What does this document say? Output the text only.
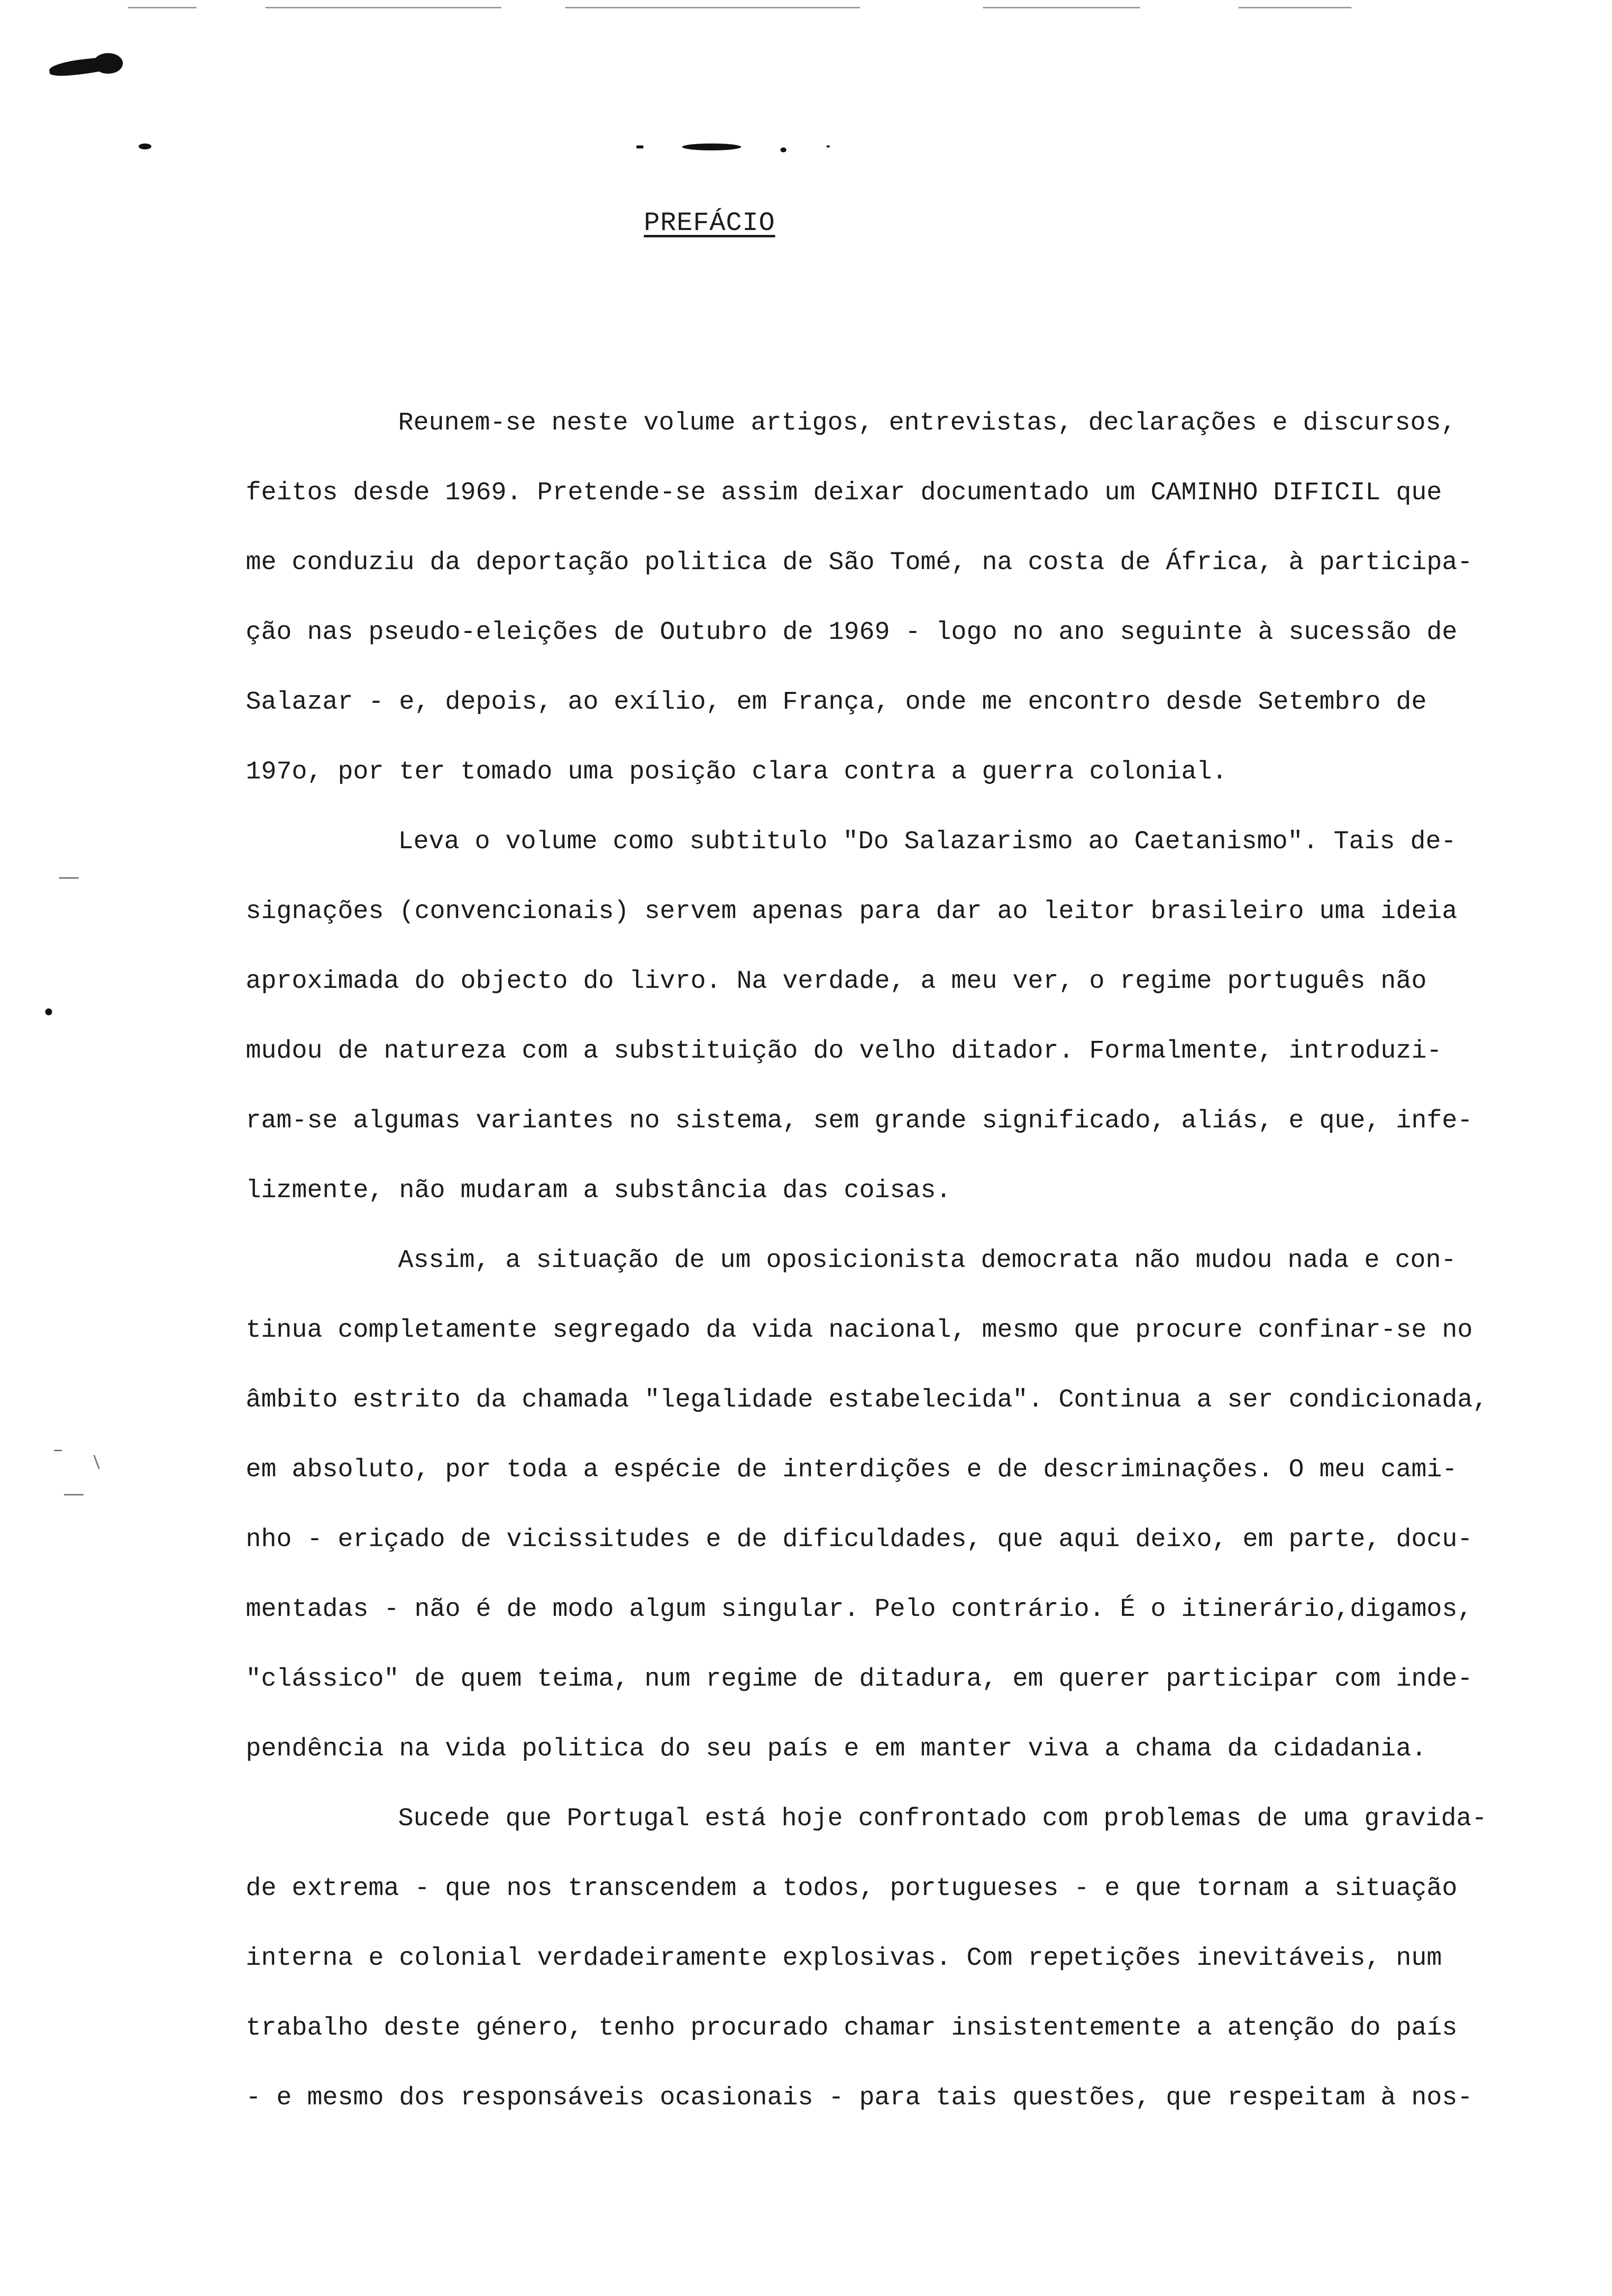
PREFÁCIO
Reunem-se neste volume artigos, entrevistas, declarações e discursos,
feitos desde 1969. Pretende-se assim deixar documentado um CAMINHO DIFICIL que
me conduziu da deportação politica de São Tomé, na costa de África, à participa-
ção nas pseudo-eleições de Outubro de 1969 - logo no ano seguinte à sucessão de
Salazar - e, depois, ao exílio, em França, onde me encontro desde Setembro de
197o, por ter tomado uma posição clara contra a guerra colonial.
Leva o volume como subtitulo "Do Salazarismo ao Caetanismo". Tais de-
signações (convencionais) servem apenas para dar ao leitor brasileiro uma ideia
aproximada do objecto do livro. Na verdade, a meu ver, o regime português não
mudou de natureza com a substituição do velho ditador. Formalmente, introduzi-
ram-se algumas variantes no sistema, sem grande significado, aliás, e que, infe-
lizmente, não mudaram a substância das coisas.
Assim, a situação de um oposicionista democrata não mudou nada e con-
tinua completamente segregado da vida nacional, mesmo que procure confinar-se no
âmbito estrito da chamada "legalidade estabelecida". Continua a ser condicionada,
em absoluto, por toda a espécie de interdições e de descriminações. O meu cami-
nho - eriçado de vicissitudes e de dificuldades, que aqui deixo, em parte, docu-
mentadas - não é de modo algum singular. Pelo contrário. É o itinerário,digamos,
"clássico" de quem teima, num regime de ditadura, em querer participar com inde-
pendência na vida politica do seu país e em manter viva a chama da cidadania.
Sucede que Portugal está hoje confrontado com problemas de uma gravida-
de extrema - que nos transcendem a todos, portugueses - e que tornam a situação
interna e colonial verdadeiramente explosivas. Com repetições inevitáveis, num
trabalho deste género, tenho procurado chamar insistentemente a atenção do país
- e mesmo dos responsáveis ocasionais - para tais questões, que respeitam à nos-
